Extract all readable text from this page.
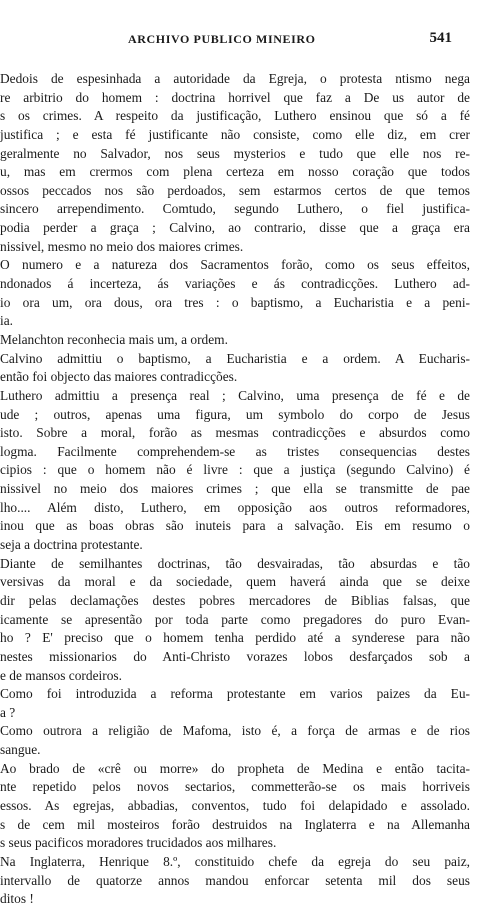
ARCHIVO PUBLICO MINEIRO	541
Dedois de espesinhada a autoridade da Egreja, o protesta ntismo nega
re arbitrio do homem : doctrina horrivel que faz a De us autor de
s os crimes. A respeito da justificação, Luthero ensinou que só a fé
justifica ; e esta fé justificante não consiste, como elle diz, em crer
geralmente no Salvador, nos seus mysterios e tudo que elle nos re-
u, mas em crermos com plena certeza em nosso coração que todos
ossos peccados nos são perdoados, sem estarmos certos de que temos
sincero arrependimento. Comtudo, segundo Luthero, o fiel justifica-
podia perder a graça ; Calvino, ao contrario, disse que a graça era
nissivel, mesmo no meio dos maiores crimes.
O numero e a natureza dos Sacramentos forão, como os seus effeitos,
ndonados á incerteza, ás variações e ás contradicções. Luthero ad-
io ora um, ora dous, ora tres : o baptismo, a Eucharistia e a peni-
ia.
Melanchton reconhecia mais um, a ordem.
Calvino admittiu o baptismo, a Eucharistia e a ordem. A Eucharis-
então foi objecto das maiores contradicções.
Luthero admittiu a presença real ; Calvino, uma presença de fé e de
ude ; outros, apenas uma figura, um symbolo do corpo de Jesus
isto. Sobre a moral, forão as mesmas contradicções e absurdos como
logma. Facilmente comprehendem-se as tristes consequencias destes
cipios : que o homem não é livre : que a justiça (segundo Calvino) é
nissivel no meio dos maiores crimes ; que ella se transmitte de pae
lho.... Além disto, Luthero, em opposição aos outros reformadores,
inou que as boas obras são inuteis para a salvação. Eis em resumo o
seja a doctrina protestante.
Diante de semilhantes doctrinas, tão desvairadas, tão absurdas e tão
versivas da moral e da sociedade, quem haverá ainda que se deixe
dir pelas declamações destes pobres mercadores de Biblias falsas, que
icamente se apresentão por toda parte como pregadores do puro Evan-
ho ? E' preciso que o homem tenha perdido até a synderese para não
nestes missionarios do Anti-Christo vorazes lobos desfarçados sob a
e de mansos cordeiros.
Como foi introduzida a reforma protestante em varios paizes da Eu-
a ?
Como outrora a religião de Mafoma, isto é, a força de armas e de rios
sangue.
Ao brado de «crê ou morre» do propheta de Medina e então tacita-
nte repetido pelos novos sectarios, commetterão-se os mais horriveis
essos. As egrejas, abbadias, conventos, tudo foi delapidado e assolado.
s de cem mil mosteiros forão destruidos na Inglaterra e na Allemanha
s seus pacificos moradores trucidados aos milhares.
Na Inglaterra, Henrique 8.º, constituido chefe da egreja do seu paiz,
intervallo de quatorze annos mandou enforcar setenta mil dos seus
ditos !
